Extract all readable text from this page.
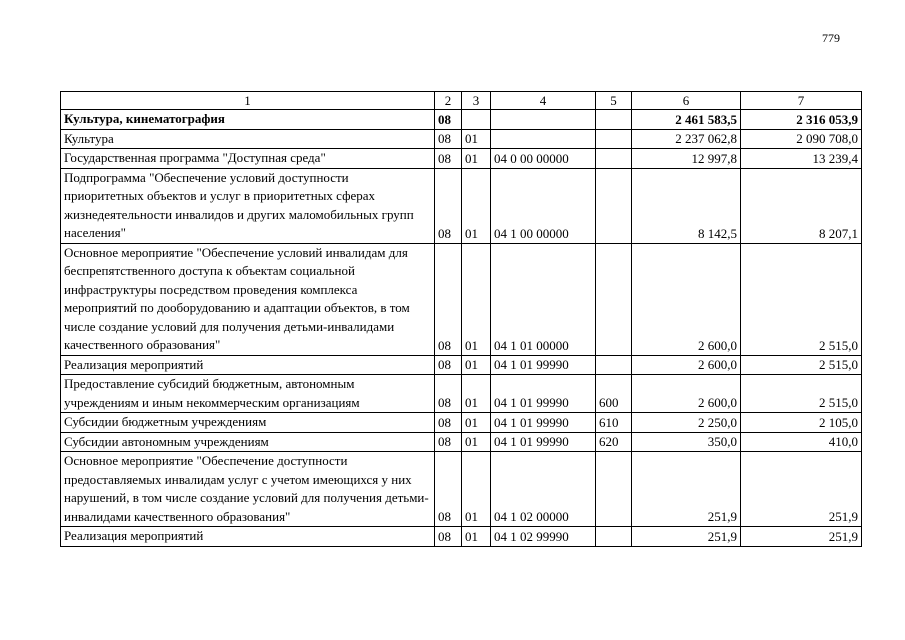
779
1	2	3	4	5	6	7
Культура, кинематография	08				2 461 583,5	2 316 053,9
Культура	08	01			2 237 062,8	2 090 708,0
Государственная программа "Доступная среда"	08	01	04 0 00 00000		12 997,8	13 239,4
Подпрограмма "Обеспечение условий доступности приоритетных объектов и услуг в приоритетных сферах жизнедеятельности инвалидов и других маломобильных групп населения"	08	01	04 1 00 00000		8 142,5	8 207,1
Основное мероприятие "Обеспечение условий инвалидам для беспрепятственного доступа к объектам социальной инфраструктуры посредством проведения комплекса мероприятий по дооборудованию и адаптации объектов, в том числе создание условий для получения детьми-инвалидами качественного образования"	08	01	04 1 01 00000		2 600,0	2 515,0
Реализация мероприятий	08	01	04 1 01 99990		2 600,0	2 515,0
Предоставление субсидий бюджетным, автономным учреждениям и иным некоммерческим организациям	08	01	04 1 01 99990	600	2 600,0	2 515,0
Субсидии бюджетным учреждениям	08	01	04 1 01 99990	610	2 250,0	2 105,0
Субсидии автономным учреждениям	08	01	04 1 01 99990	620	350,0	410,0
Основное мероприятие "Обеспечение доступности предоставляемых инвалидам услуг с учетом имеющихся у них нарушений, в том числе создание условий для получения детьми-инвалидами качественного образования"	08	01	04 1 02 00000		251,9	251,9
Реализация мероприятий	08	01	04 1 02 99990		251,9	251,9
